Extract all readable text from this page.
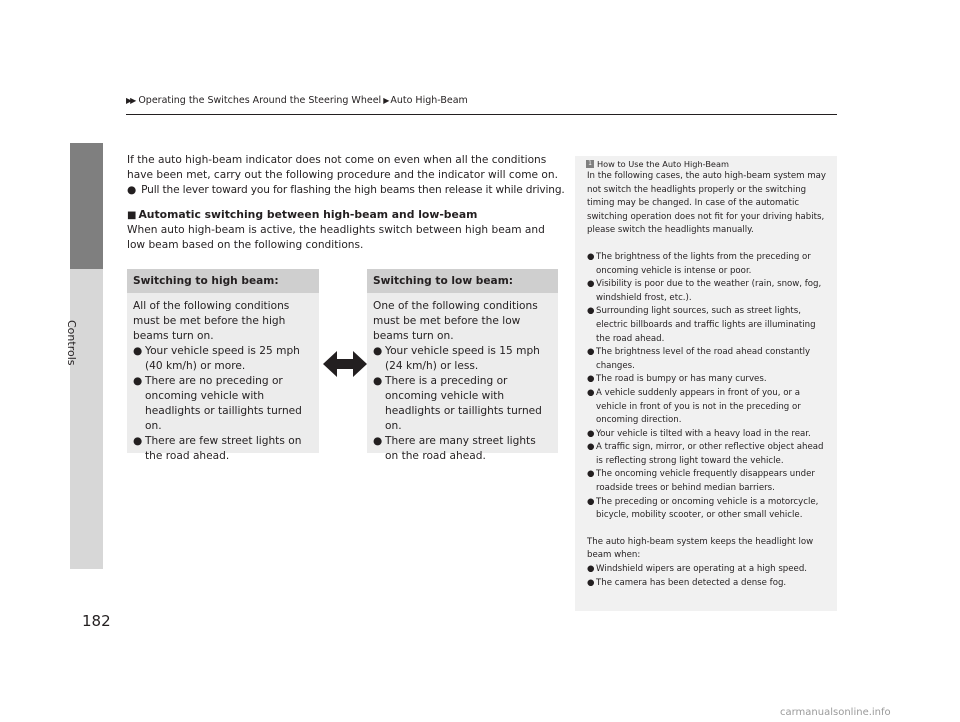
▶▶ Operating the Switches Around the Steering Wheel ▶ Auto High-Beam
Controls
182

If the auto high-beam indicator does not come on even when all the conditions have been met, carry out the following procedure and the indicator will come on.

● Pull the lever toward you for flashing the high beams then release it while driving.

■ Automatic switching between high-beam and low-beam

When auto high-beam is active, the headlights switch between high beam and low beam based on the following conditions.

Switching to high beam:
All of the following conditions must be met before the high beams turn on.
● Your vehicle speed is 25 mph (40 km/h) or more.
● There are no preceding or oncoming vehicle with headlights or taillights turned on.
● There are few street lights on the road ahead.
Switching to low beam:
One of the following conditions must be met before the low beams turn on.
● Your vehicle speed is 15 mph (24 km/h) or less.
● There is a preceding or oncoming vehicle with headlights or taillights turned on.
● There are many street lights on the road ahead.
1 How to Use the Auto High-Beam

In the following cases, the auto high-beam system may not switch the headlights properly or the switching timing may be changed. In case of the automatic switching operation does not fit for your driving habits, please switch the headlights manually.

● The brightness of the lights from the preceding or oncoming vehicle is intense or poor.
● Visibility is poor due to the weather (rain, snow, fog, windshield frost, etc.).
● Surrounding light sources, such as street lights, electric billboards and traffic lights are illuminating the road ahead.
● The brightness level of the road ahead constantly changes.
● The road is bumpy or has many curves.
● A vehicle suddenly appears in front of you, or a vehicle in front of you is not in the preceding or oncoming direction.
● Your vehicle is tilted with a heavy load in the rear.
● A traffic sign, mirror, or other reflective object ahead is reflecting strong light toward the vehicle.
● The oncoming vehicle frequently disappears under roadside trees or behind median barriers.
● The preceding or oncoming vehicle is a motorcycle, bicycle, mobility scooter, or other small vehicle.

The auto high-beam system keeps the headlight low beam when:

● Windshield wipers are operating at a high speed.
● The camera has been detected a dense fog.
carmanualsonline.info
